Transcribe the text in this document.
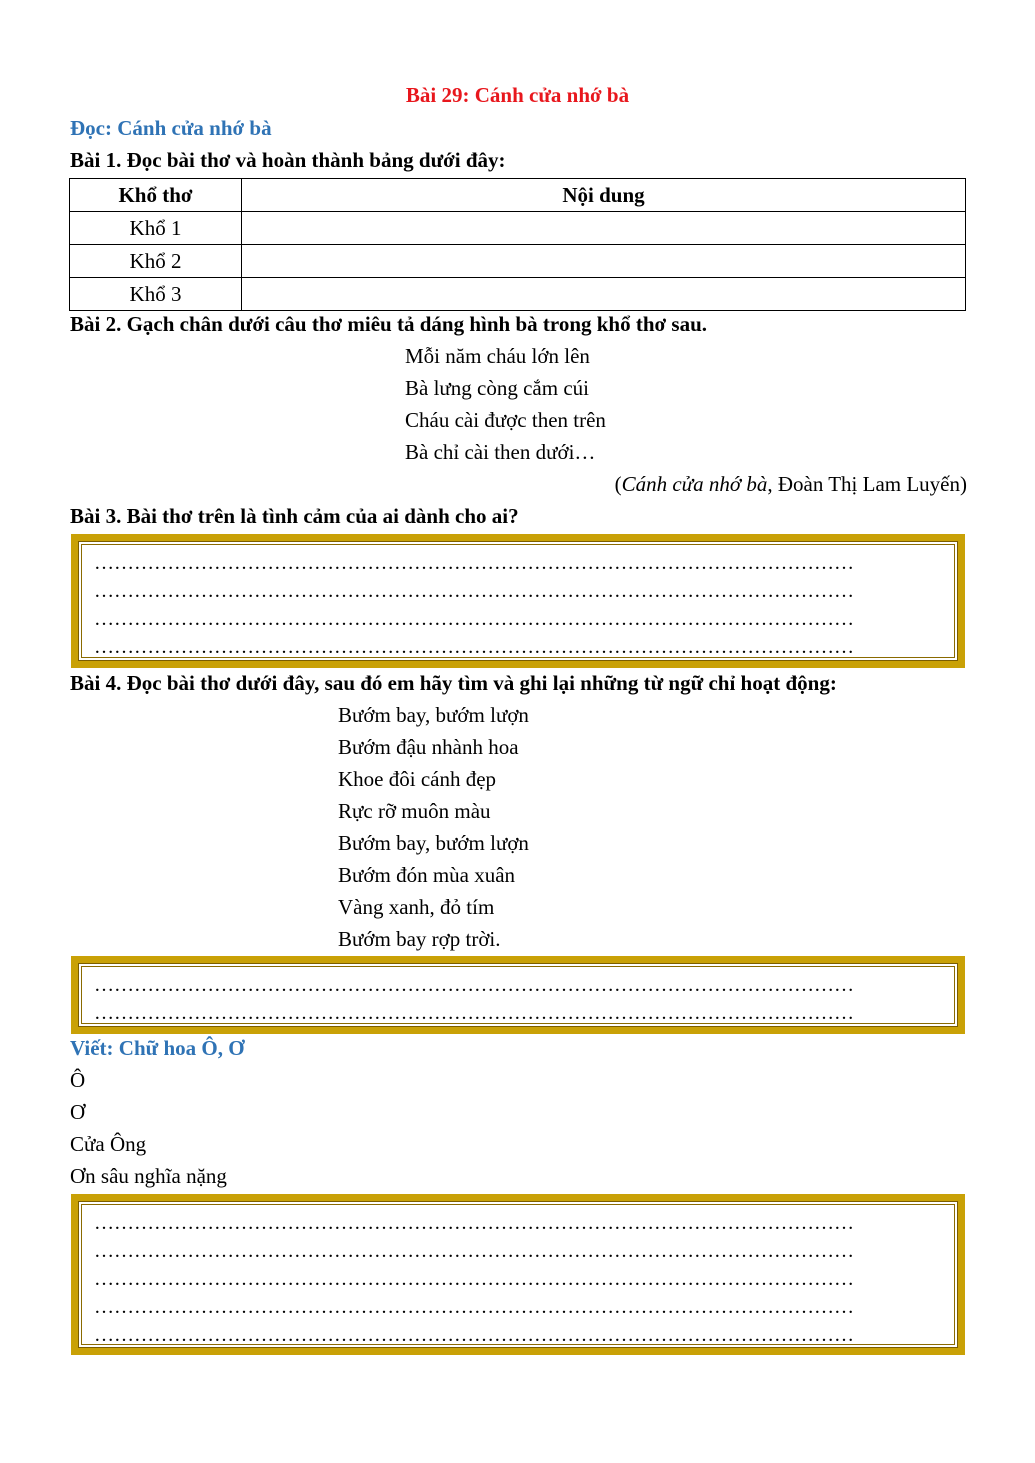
Bài 29: Cánh cửa nhớ bà
Đọc: Cánh cửa nhớ bà
Bài 1. Đọc bài thơ và hoàn thành bảng dưới đây:
Khổ thơ	Nội dung
Khổ 1	
Khổ 2	
Khổ 3	
Bài 2. Gạch chân dưới câu thơ miêu tả dáng hình bà trong khổ thơ sau.
Mỗi năm cháu lớn lên
Bà lưng còng cắm cúi
Cháu cài được then trên
Bà chỉ cài then dưới…
(Cánh cửa nhớ bà, Đoàn Thị Lam Luyến)
Bài 3. Bài thơ trên là tình cảm của ai dành cho ai?
……………………………………………………………………………………………………
……………………………………………………………………………………………………
……………………………………………………………………………………………………
……………………………………………………………………………………………………
Bài 4. Đọc bài thơ dưới đây, sau đó em hãy tìm và ghi lại những từ ngữ chỉ hoạt động:
Bướm bay, bướm lượn
Bướm đậu nhành hoa
Khoe đôi cánh đẹp
Rực rỡ muôn màu
Bướm bay, bướm lượn
Bướm đón mùa xuân
Vàng xanh, đỏ tím
Bướm bay rợp trời.
……………………………………………………………………………………………………
……………………………………………………………………………………………………
Viết: Chữ hoa Ô, Ơ
Ô
Ơ
Cửa Ông
Ơn sâu nghĩa nặng
……………………………………………………………………………………………………
……………………………………………………………………………………………………
……………………………………………………………………………………………………
……………………………………………………………………………………………………
……………………………………………………………………………………………………
